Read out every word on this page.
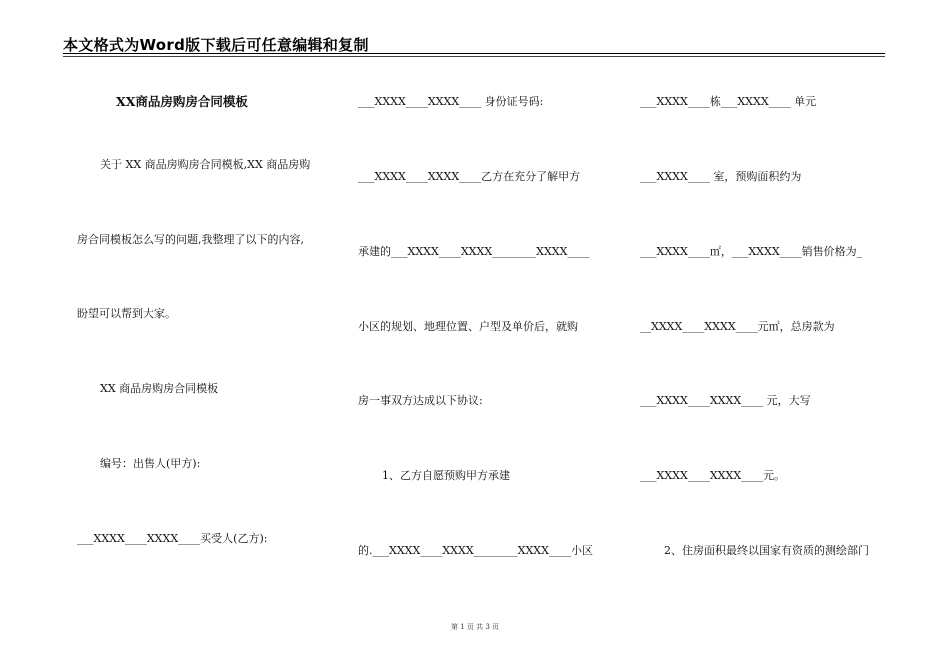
本文格式为Word版下载后可任意编辑和复制
XX商品房购房合同模板
关于 XX 商品房购房合同模板,XX 商品房购
房合同模板怎么写的问题,我整理了以下的内容,
盼望可以帮到大家。
XX 商品房购房合同模板
编号：出售人(甲方):
___XXXX____XXXX____买受人(乙方):
___XXXX____XXXX____ 身份证号码:
___XXXX____XXXX____乙方在充分了解甲方
承建的___XXXX____XXXX________XXXX____
小区的规划、地理位置、户型及单价后，就购
房一事双方达成以下协议:
1、乙方自愿预购甲方承建
的.___XXXX____XXXX________XXXX____小区
___XXXX____栋___XXXX____ 单元
___XXXX____ 室，预购面积约为
___XXXX____㎡，___XXXX____销售价格为_
__XXXX____XXXX____元㎡，总房款为
___XXXX____XXXX____ 元，大写
___XXXX____XXXX____元。
2、住房面积最终以国家有资质的测绘部门
第 1 页 共 3 页
